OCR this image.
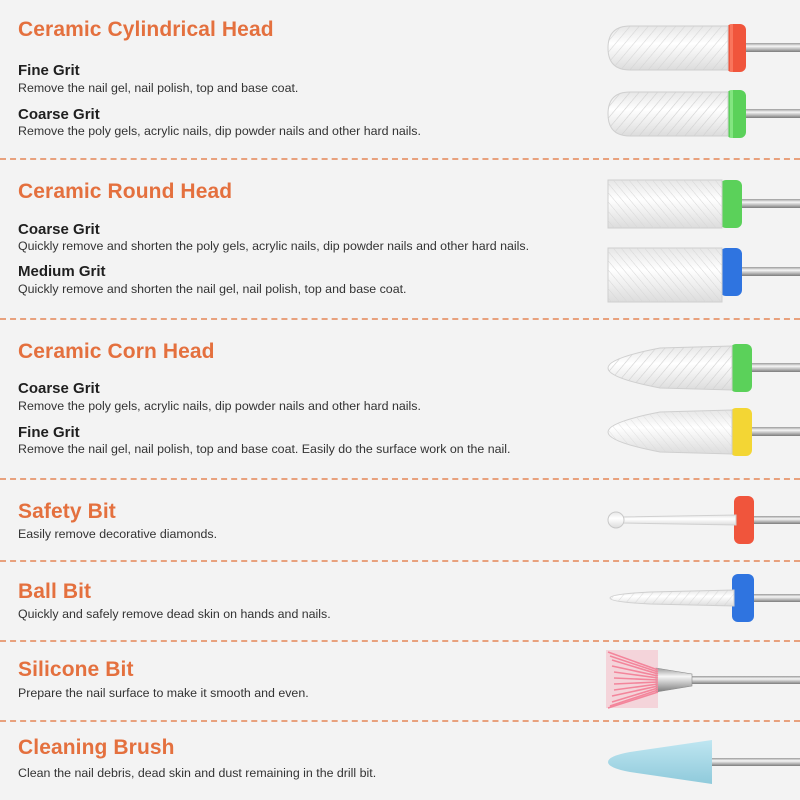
Ceramic Cylindrical Head
Fine Grit
Remove the nail gel, nail polish, top and base coat.
Coarse Grit
Remove the poly gels, acrylic nails, dip powder nails and other hard nails.
Ceramic Round Head
Coarse Grit
Quickly remove and shorten the poly gels, acrylic nails, dip powder nails and other hard nails.
Medium Grit
Quickly remove and shorten the nail gel, nail polish, top and base coat.
Ceramic Corn Head
Coarse Grit
Remove the poly gels, acrylic nails, dip powder nails and other hard nails.
Fine Grit
Remove the nail gel, nail polish, top and base coat. Easily do the surface work on the nail.
Safety Bit
Easily remove decorative diamonds.
Ball Bit
Quickly and safely remove dead skin on hands and nails.
Silicone Bit
Prepare the nail surface to make it smooth and even.
Cleaning Brush
Clean the nail debris, dead skin and dust remaining in the drill bit.
